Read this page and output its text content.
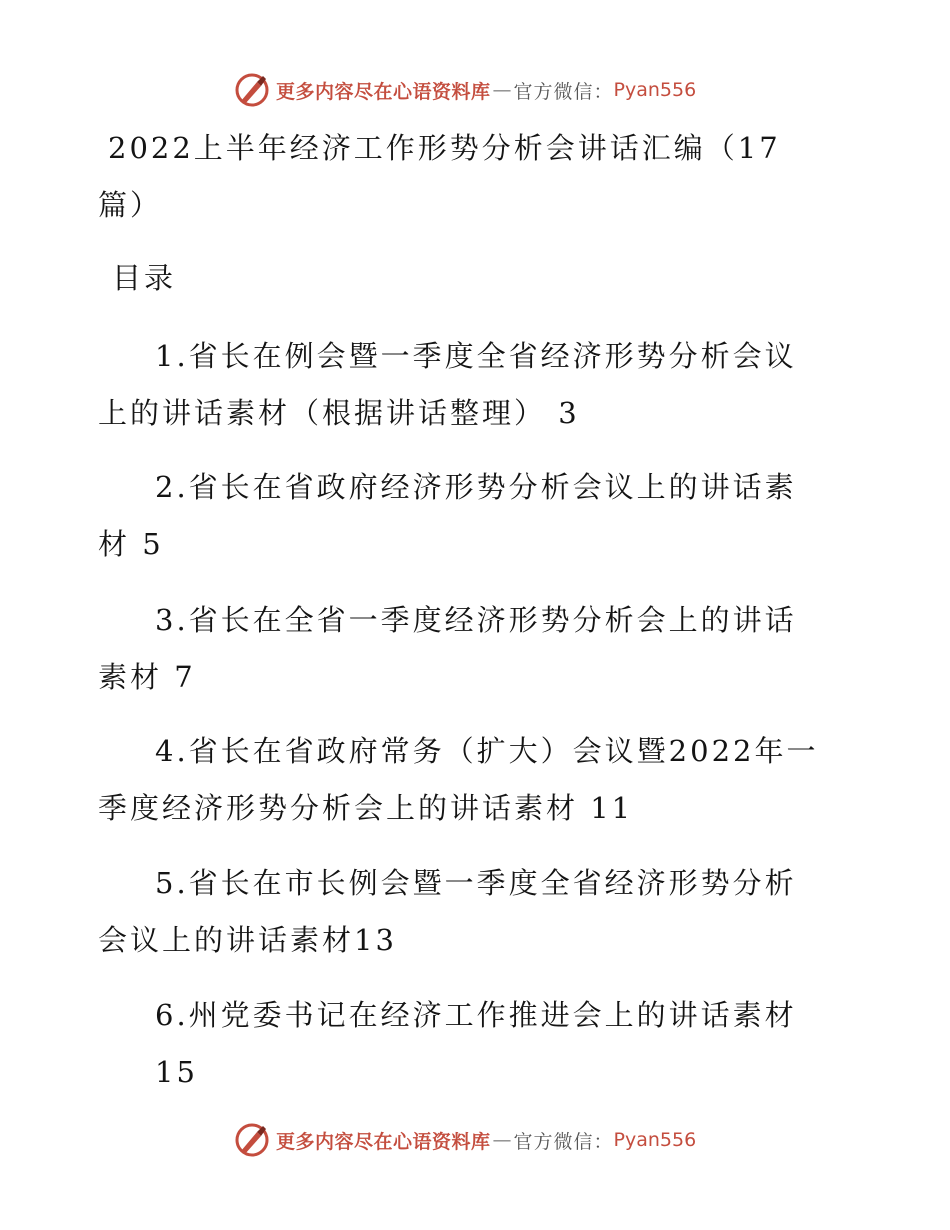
更多内容尽在心语资料库 — 官方微信： Pyan556
2022上半年经济工作形势分析会讲话汇编（17
篇）
目录
1.省长在例会暨一季度全省经济形势分析会议
上的讲话素材（根据讲话整理） 3
2.省长在省政府经济形势分析会议上的讲话素
材 5
3.省长在全省一季度经济形势分析会上的讲话
素材 7
4.省长在省政府常务（扩大）会议暨2022年一
季度经济形势分析会上的讲话素材 11
5.省长在市长例会暨一季度全省经济形势分析
会议上的讲话素材13
6.州党委书记在经济工作推进会上的讲话素材
15
更多内容尽在心语资料库 — 官方微信： Pyan556
